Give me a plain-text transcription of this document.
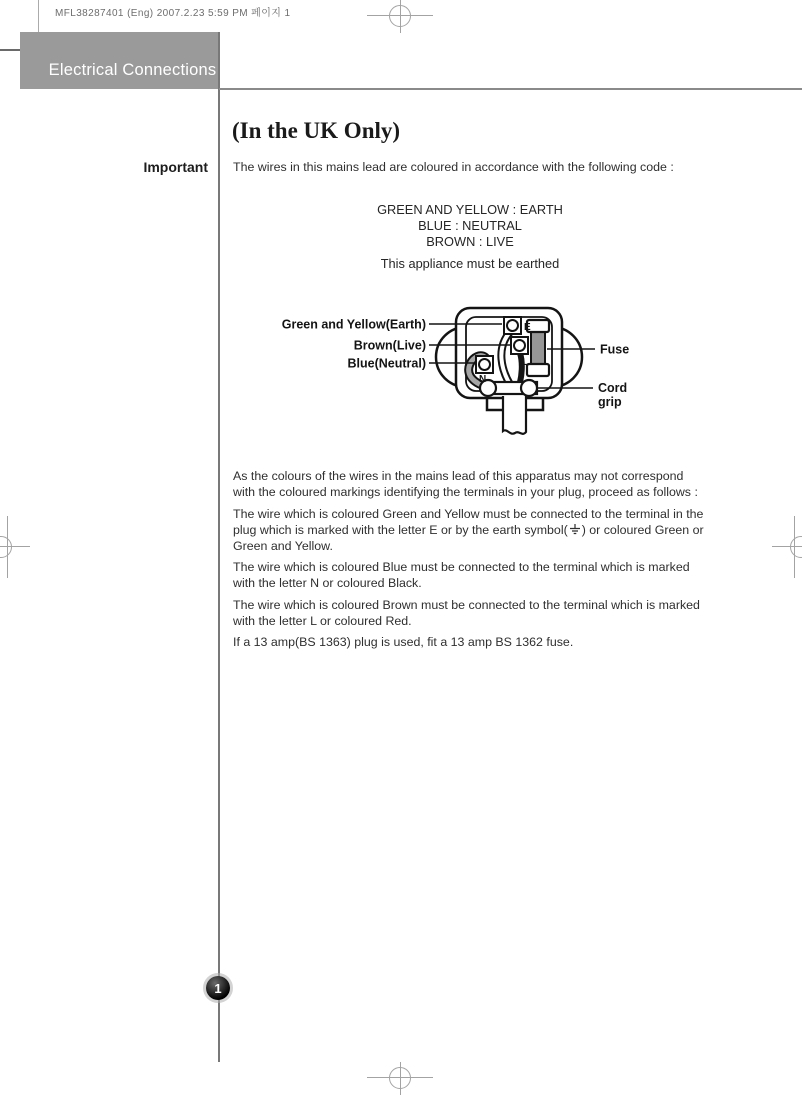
MFL38287401 (Eng) 2007.2.23 5:59 PM 페이지 1
Electrical Connections
(In the UK Only)
Important The wires in this mains lead are coloured in accordance with the following code :
GREEN AND YELLOW : EARTH
BLUE : NEUTRAL
BROWN : LIVE
This appliance must be earthed
E
L
N
Green and Yellow(Earth)
Brown(Live)
Blue(Neutral)
Fuse
Cord
grip
As the colours of the wires in the mains lead of this apparatus may not correspond with the coloured markings identifying the terminals in your plug, proceed as follows :
The wire which is coloured Green and Yellow must be connected to the terminal in the plug which is marked with the letter E or by the earth symbol( ) or coloured Green or Green and Yellow.
The wire which is coloured Blue must be connected to the terminal which is marked with the letter N or coloured Black.
The wire which is coloured Brown must be connected to the terminal which is marked with the letter L or coloured Red.
If a 13 amp(BS 1363) plug is used, fit a 13 amp BS 1362 fuse.
1
